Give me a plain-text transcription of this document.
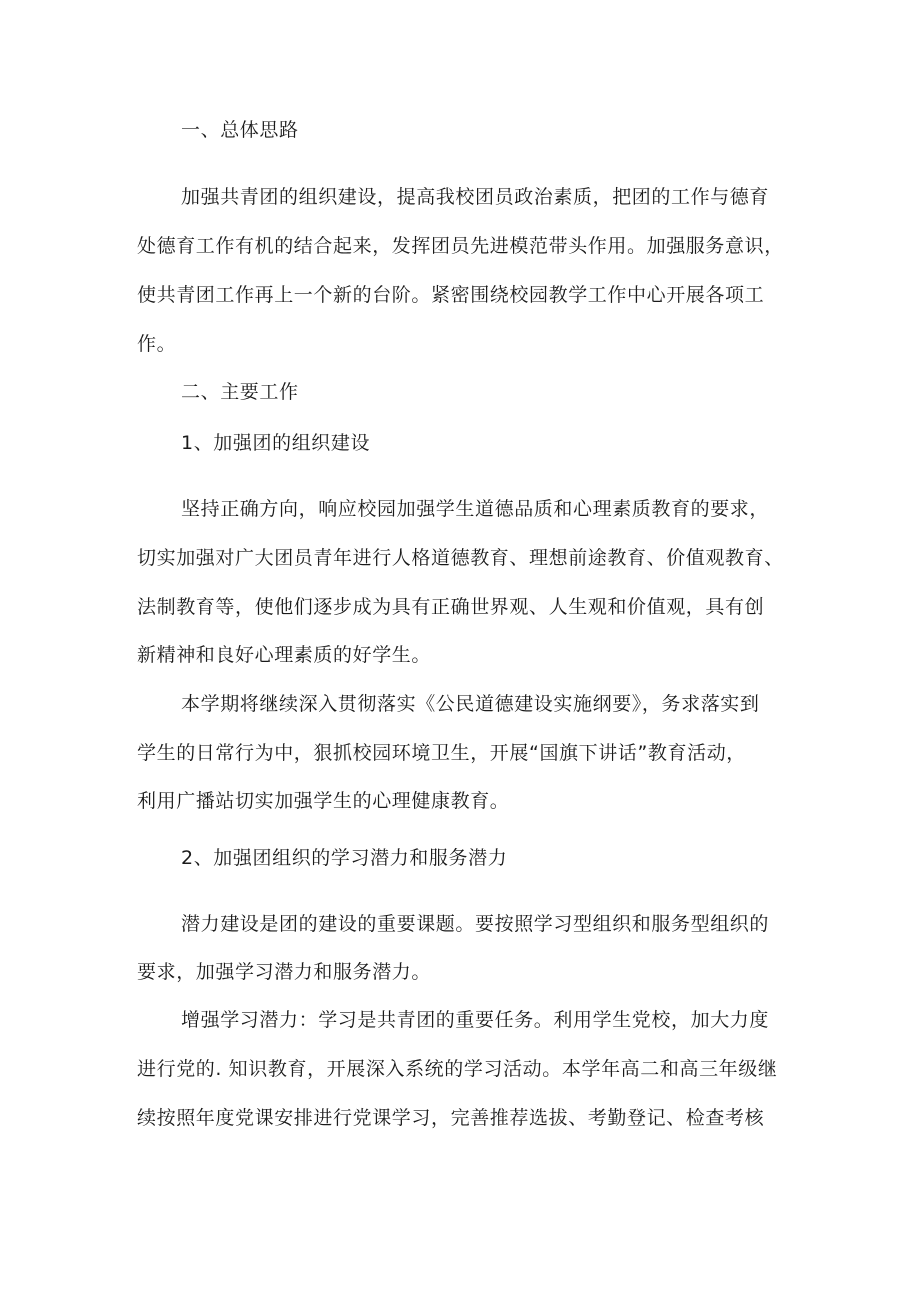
一、总体思路
加强共青团的组织建设，提高我校团员政治素质，把团的工作与德育
处德育工作有机的结合起来，发挥团员先进模范带头作用。加强服务意识，
使共青团工作再上一个新的台阶。紧密围绕校园教学工作中心开展各项工
作。
二、主要工作
1、加强团的组织建设
坚持正确方向，响应校园加强学生道德品质和心理素质教育的要求，
切实加强对广大团员青年进行人格道德教育、理想前途教育、价值观教育、
法制教育等，使他们逐步成为具有正确世界观、人生观和价值观，具有创
新精神和良好心理素质的好学生。
本学期将继续深入贯彻落实《公民道德建设实施纲要》，务求落实到
学生的日常行为中，狠抓校园环境卫生，开展“国旗下讲话”教育活动，
利用广播站切实加强学生的心理健康教育。
2、加强团组织的学习潜力和服务潜力
潜力建设是团的建设的重要课题。要按照学习型组织和服务型组织的
要求，加强学习潜力和服务潜力。
增强学习潜力：学习是共青团的重要任务。利用学生党校，加大力度
进行党的. 知识教育，开展深入系统的学习活动。本学年高二和高三年级继
续按照年度党课安排进行党课学习，完善推荐选拔、考勤登记、检查考核
